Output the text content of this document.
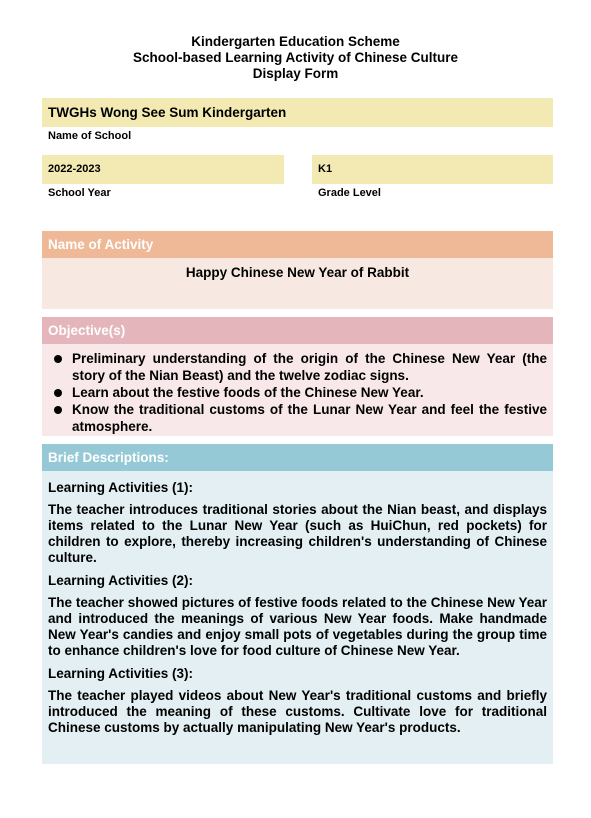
Kindergarten Education Scheme
School-based Learning Activity of Chinese Culture
Display Form
TWGHs Wong See Sum Kindergarten
Name of School
2022-2023
School Year
K1
Grade Level
Name of Activity
Happy Chinese New Year of Rabbit
Objective(s)
Preliminary understanding of the origin of the Chinese New Year (the story of the Nian Beast) and the twelve zodiac signs.
Learn about the festive foods of the Chinese New Year.
Know the traditional customs of the Lunar New Year and feel the festive atmosphere.
Brief Descriptions:
Learning Activities (1):
The teacher introduces traditional stories about the Nian beast, and displays items related to the Lunar New Year (such as HuiChun, red pockets) for children to explore, thereby increasing children's understanding of Chinese culture.
Learning Activities (2):
The teacher showed pictures of festive foods related to the Chinese New Year and introduced the meanings of various New Year foods. Make handmade New Year's candies and enjoy small pots of vegetables during the group time to enhance children's love for food culture of Chinese New Year.
Learning Activities (3):
The teacher played videos about New Year's traditional customs and briefly introduced the meaning of these customs. Cultivate love for traditional Chinese customs by actually manipulating New Year's products.
